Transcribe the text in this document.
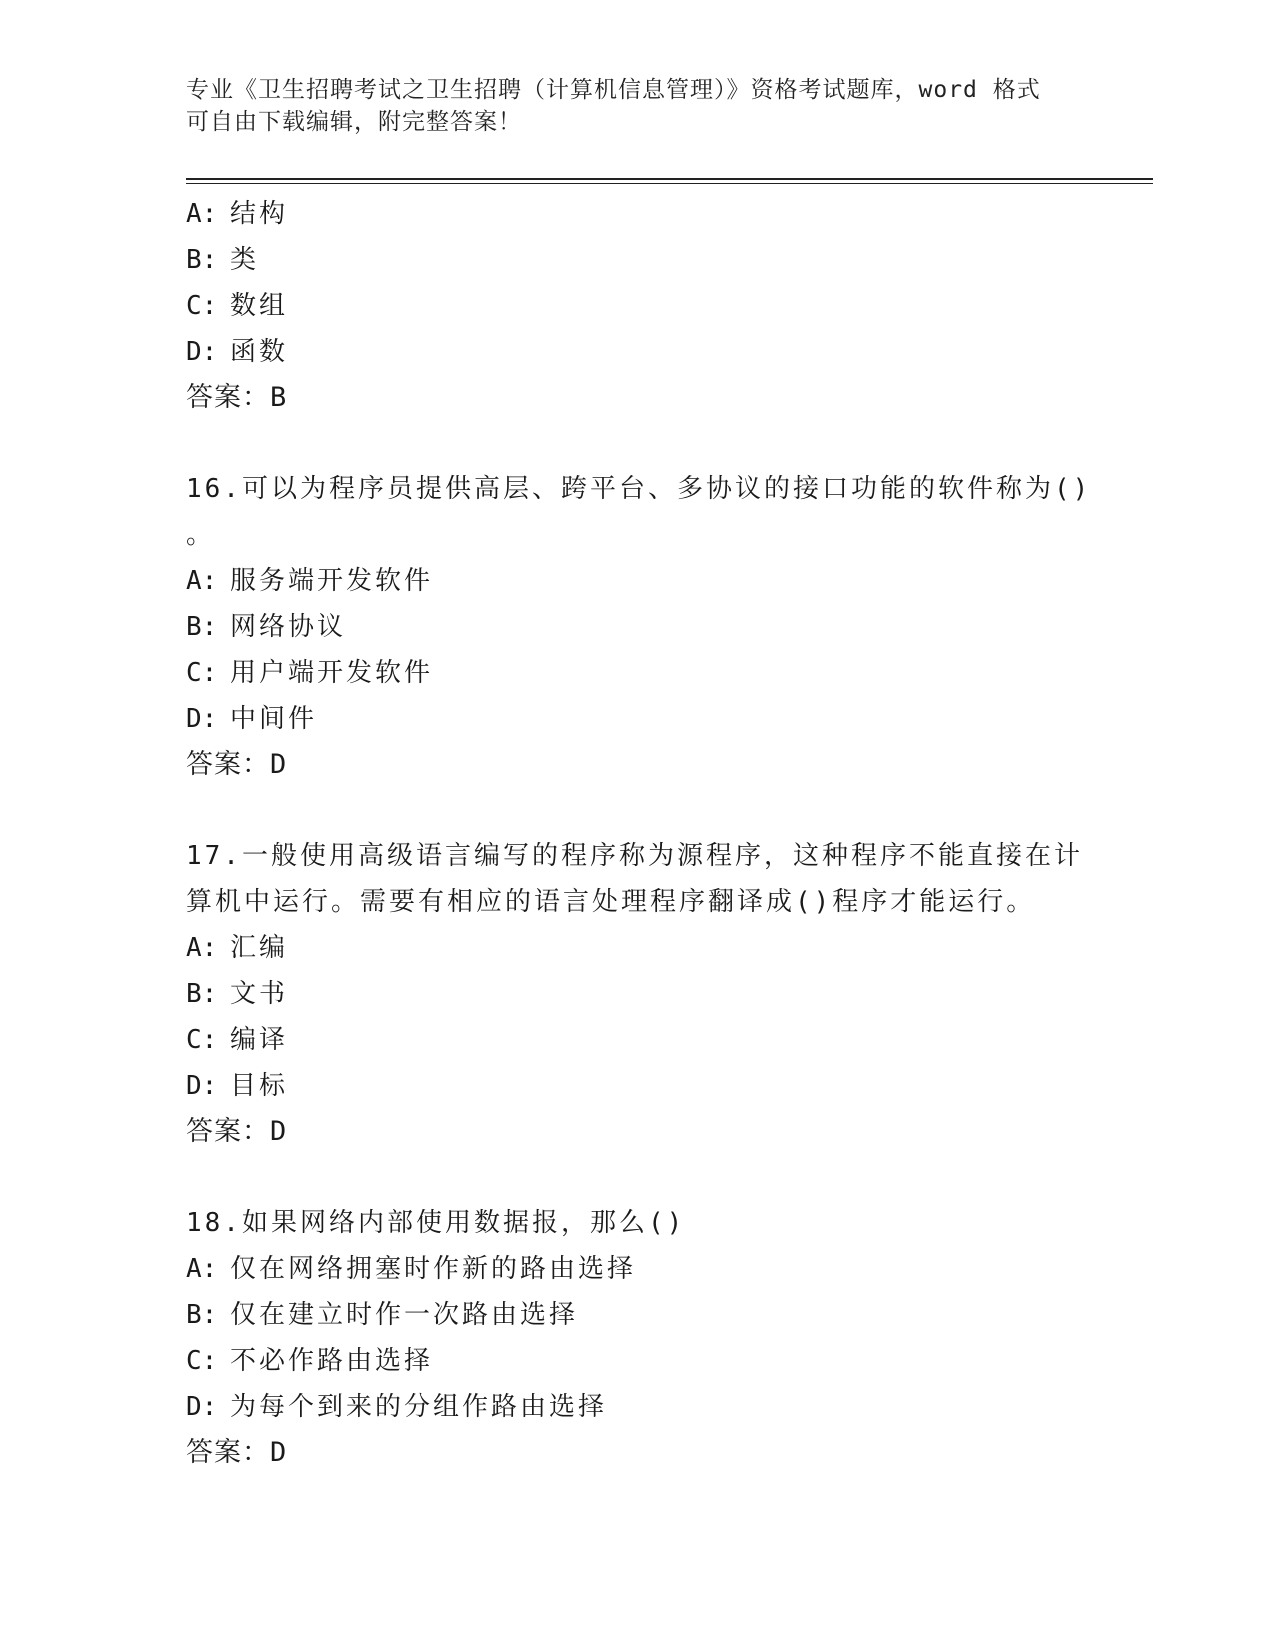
专业《卫生招聘考试之卫生招聘（计算机信息管理）》资格考试题库，word 格式
可自由下载编辑，附完整答案！
A: 结构
B: 类
C: 数组
D: 函数
答案：B
16.可以为程序员提供高层、跨平台、多协议的接口功能的软件称为()
。
A: 服务端开发软件
B: 网络协议
C: 用户端开发软件
D: 中间件
答案：D
17.一般使用高级语言编写的程序称为源程序，这种程序不能直接在计
算机中运行。需要有相应的语言处理程序翻译成()程序才能运行。
A: 汇编
B: 文书
C: 编译
D: 目标
答案：D
18.如果网络内部使用数据报，那么()
A: 仅在网络拥塞时作新的路由选择
B: 仅在建立时作一次路由选择
C: 不必作路由选择
D: 为每个到来的分组作路由选择
答案：D
